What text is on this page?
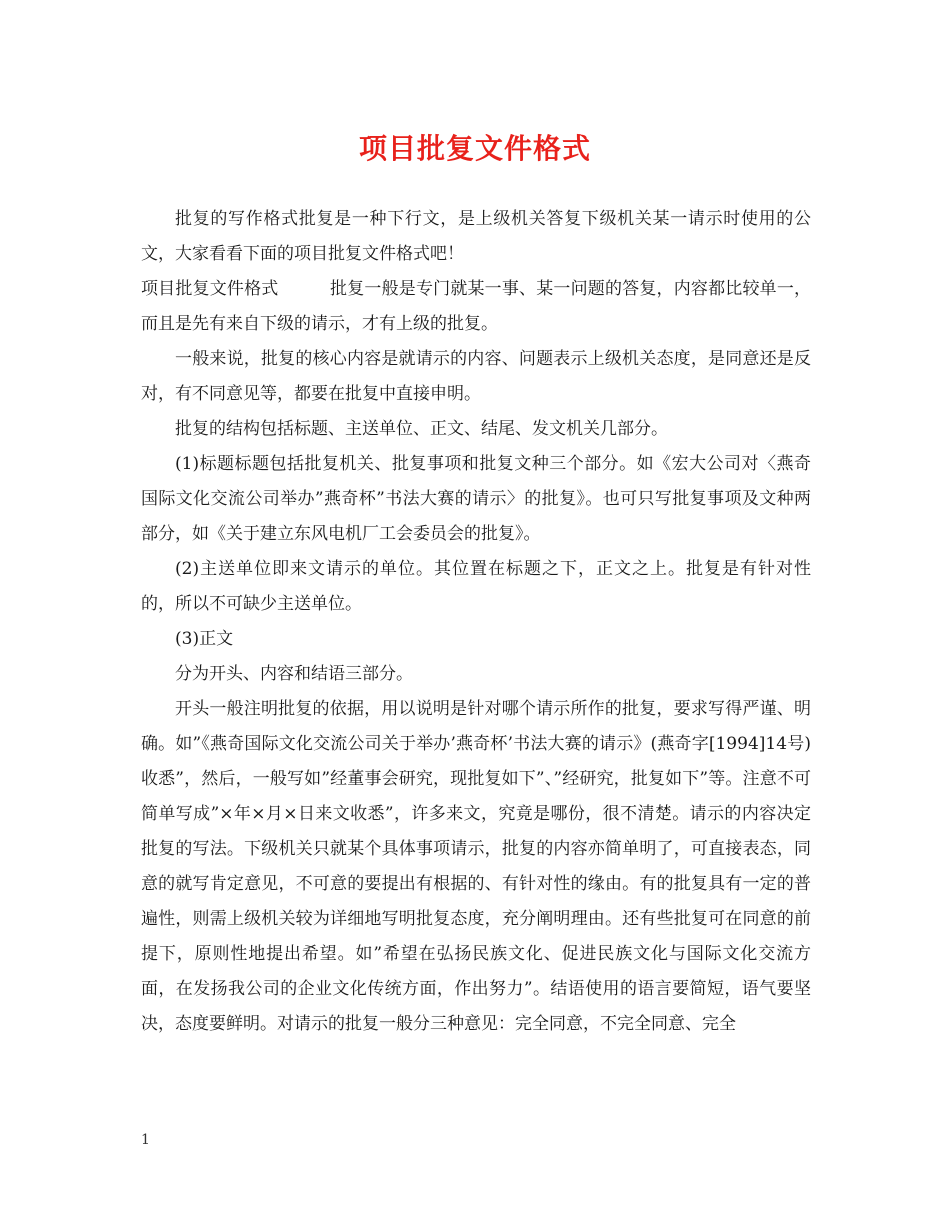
项目批复文件格式

批复的写作格式批复是一种下行文，是上级机关答复下级机关某一请示时使用的公文，大家看看下面的项目批复文件格式吧！

项目批复文件格式　　　批复一般是专门就某一事、某一问题的答复，内容都比较单一，而且是先有来自下级的请示，才有上级的批复。

一般来说，批复的核心内容是就请示的内容、问题表示上级机关态度，是同意还是反对，有不同意见等，都要在批复中直接申明。

批复的结构包括标题、主送单位、正文、结尾、发文机关几部分。

(1)标题标题包括批复机关、批复事项和批复文种三个部分。如《宏大公司对〈燕奇国际文化交流公司举办”燕奇杯”书法大赛的请示〉的批复》。也可只写批复事项及文种两部分，如《关于建立东风电机厂工会委员会的批复》。

(2)主送单位即来文请示的单位。其位置在标题之下，正文之上。批复是有针对性的，所以不可缺少主送单位。

(3)正文

分为开头、内容和结语三部分。

开头一般注明批复的依据，用以说明是针对哪个请示所作的批复，要求写得严谨、明确。如”《燕奇国际文化交流公司关于举办’燕奇杯’书法大赛的请示》(燕奇字[1994]14号)收悉”，然后，一般写如”经董事会研究，现批复如下”、”经研究，批复如下”等。注意不可简单写成”×年×月×日来文收悉”，许多来文，究竟是哪份，很不清楚。请示的内容决定批复的写法。下级机关只就某个具体事项请示，批复的内容亦简单明了，可直接表态，同意的就写肯定意见，不可意的要提出有根据的、有针对性的缘由。有的批复具有一定的普遍性，则需上级机关较为详细地写明批复态度，充分阐明理由。还有些批复可在同意的前提下，原则性地提出希望。如”希望在弘扬民族文化、促进民族文化与国际文化交流方面，在发扬我公司的企业文化传统方面，作出努力”。结语使用的语言要简短，语气要坚决，态度要鲜明。对请示的批复一般分三种意见：完全同意，不完全同意、完全

1
